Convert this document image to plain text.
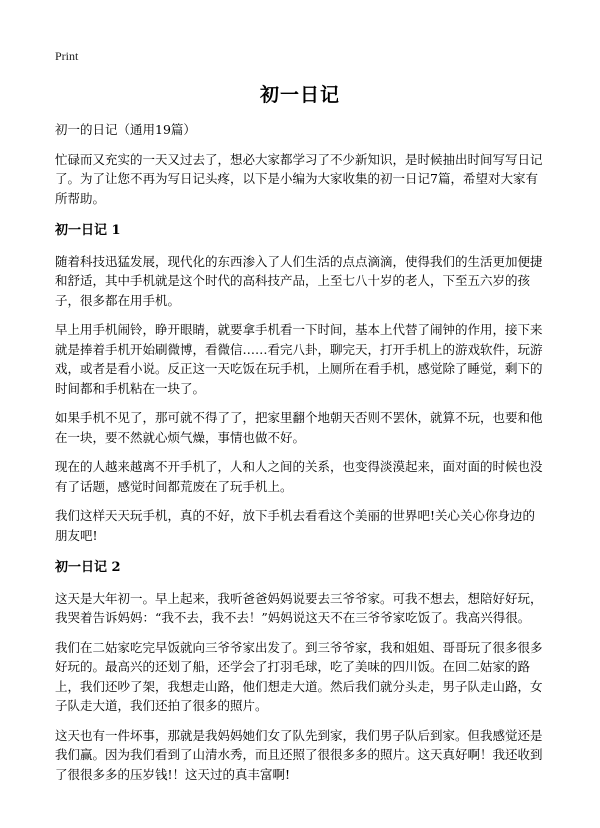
Print
初一日记

初一的日记（通用19篇）

忙碌而又充实的一天又过去了，想必大家都学习了不少新知识，是时候抽出时间写写日记了。为了让您不再为写日记头疼，以下是小编为大家收集的初一日记7篇，希望对大家有所帮助。

初一日记 1

随着科技迅猛发展，现代化的东西渗入了人们生活的点点滴滴，使得我们的生活更加便捷和舒适，其中手机就是这个时代的高科技产品，上至七八十岁的老人，下至五六岁的孩子，很多都在用手机。

早上用手机闹铃，睁开眼睛，就要拿手机看一下时间，基本上代替了闹钟的作用，接下来就是捧着手机开始刷微博，看微信……看完八卦，聊完天，打开手机上的游戏软件，玩游戏，或者是看小说。反正这一天吃饭在玩手机，上厕所在看手机，感觉除了睡觉，剩下的时间都和手机粘在一块了。

如果手机不见了，那可就不得了了，把家里翻个地朝天否则不罢休，就算不玩，也要和他在一块，要不然就心烦气燥，事情也做不好。

现在的人越来越离不开手机了，人和人之间的关系，也变得淡漠起来，面对面的时候也没有了话题，感觉时间都荒废在了玩手机上。

我们这样天天玩手机，真的不好，放下手机去看看这个美丽的世界吧!关心关心你身边的朋友吧!

初一日记 2

这天是大年初一。早上起来，我听爸爸妈妈说要去三爷爷家。可我不想去，想陪好好玩，我哭着告诉妈妈：“我不去，我不去！”妈妈说这天不在三爷爷家吃饭了。我高兴得很。

我们在二姑家吃完早饭就向三爷爷家出发了。到三爷爷家，我和姐姐、哥哥玩了很多很多好玩的。最高兴的还划了船，还学会了打羽毛球，吃了美味的四川饭。在回二姑家的路上，我们还吵了架，我想走山路，他们想走大道。然后我们就分头走，男子队走山路，女子队走大道，我们还拍了很多的照片。

这天也有一件坏事，那就是我妈妈她们女了队先到家，我们男子队后到家。但我感觉还是我们赢。因为我们看到了山清水秀，而且还照了很很多多的照片。这天真好啊！我还收到了很很多多的压岁钱!！这天过的真丰富啊!
